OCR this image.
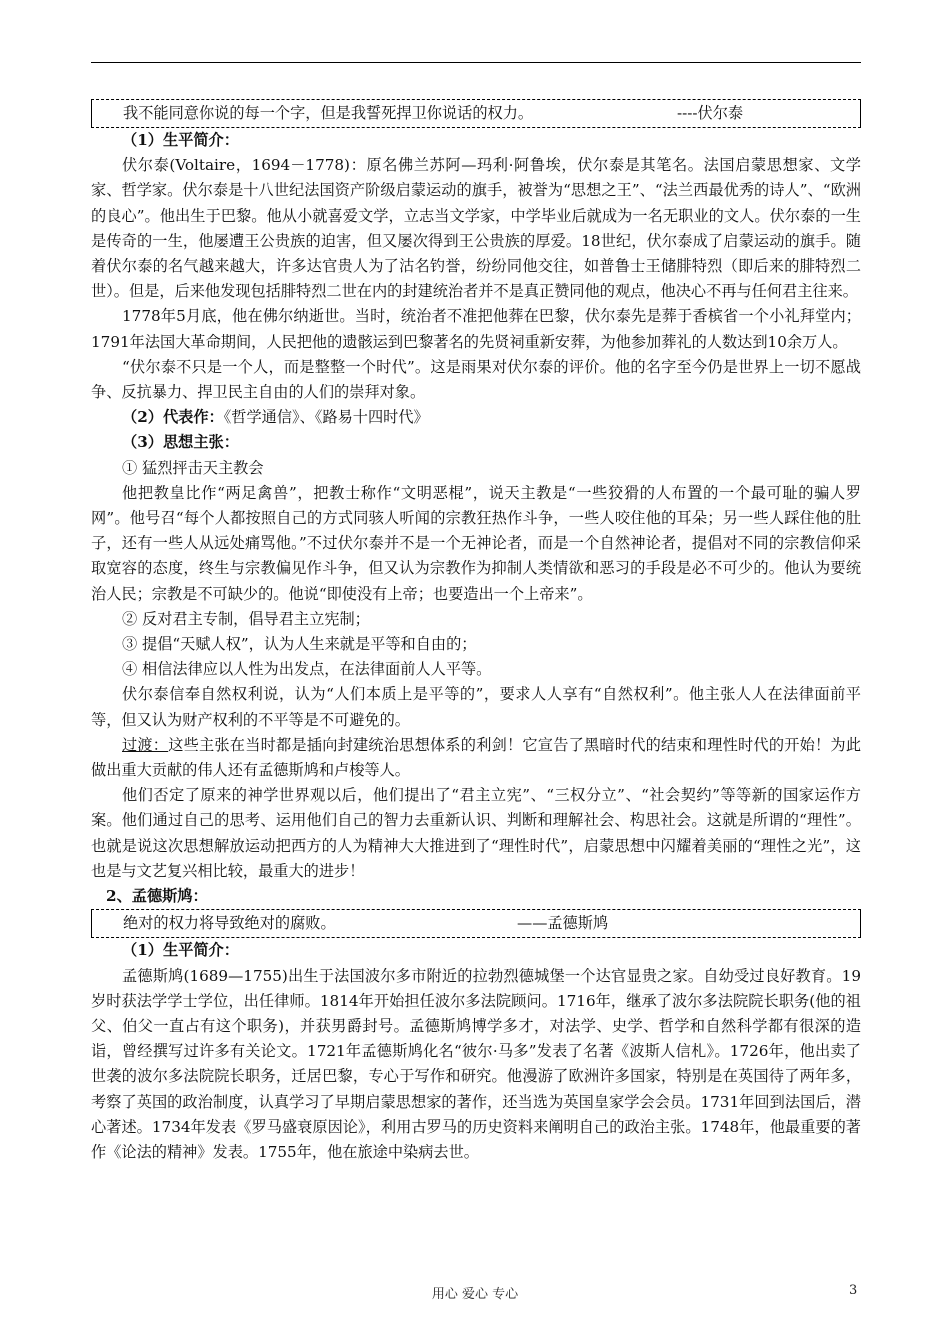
我不能同意你说的每一个字，但是我誓死捍卫你说话的权力。	----伏尔泰
（1）生平简介：

伏尔泰(Voltaire，1694－1778)：原名佛兰苏阿—玛利·阿鲁埃，伏尔泰是其笔名。法国启蒙思想家、文学家、哲学家。伏尔泰是十八世纪法国资产阶级启蒙运动的旗手，被誉为“思想之王”、“法兰西最优秀的诗人”、“欧洲的良心”。他出生于巴黎。他从小就喜爱文学，立志当文学家，中学毕业后就成为一名无职业的文人。伏尔泰的一生是传奇的一生，他屡遭王公贵族的迫害，但又屡次得到王公贵族的厚爱。18世纪，伏尔泰成了启蒙运动的旗手。随着伏尔泰的名气越来越大，许多达官贵人为了沽名钓誉，纷纷同他交往，如普鲁士王储腓特烈（即后来的腓特烈二世）。但是，后来他发现包括腓特烈二世在内的封建统治者并不是真正赞同他的观点，他决心不再与任何君主往来。

1778年5月底，他在佛尔纳逝世。当时，统治者不准把他葬在巴黎，伏尔泰先是葬于香槟省一个小礼拜堂内；1791年法国大革命期间，人民把他的遗骸运到巴黎著名的先贤祠重新安葬，为他参加葬礼的人数达到10余万人。

“伏尔泰不只是一个人，而是整整一个时代”。这是雨果对伏尔泰的评价。他的名字至今仍是世界上一切不愿战争、反抗暴力、捍卫民主自由的人们的崇拜对象。

（2）代表作：《哲学通信》、《路易十四时代》
（3）思想主张：
① 猛烈抨击天主教会

他把教皇比作“两足禽兽”，把教士称作“文明恶棍”，说天主教是“一些狡猾的人布置的一个最可耻的骗人罗网”。他号召“每个人都按照自己的方式同骇人听闻的宗教狂热作斗争，一些人咬住他的耳朵；另一些人踩住他的肚子，还有一些人从远处痛骂他。”不过伏尔泰并不是一个无神论者，而是一个自然神论者，提倡对不同的宗教信仰采取宽容的态度，终生与宗教偏见作斗争，但又认为宗教作为抑制人类情欲和恶习的手段是必不可少的。他认为要统治人民；宗教是不可缺少的。他说“即使没有上帝；也要造出一个上帝来”。

② 反对君主专制，倡导君主立宪制；
③ 提倡“天赋人权”，认为人生来就是平等和自由的；
④ 相信法律应以人性为出发点，在法律面前人人平等。

伏尔泰信奉自然权利说，认为“人们本质上是平等的”，要求人人享有“自然权利”。他主张人人在法律面前平等，但又认为财产权利的不平等是不可避免的。

过渡：这些主张在当时都是插向封建统治思想体系的利剑！它宣告了黑暗时代的结束和理性时代的开始！为此做出重大贡献的伟人还有孟德斯鸠和卢梭等人。

他们否定了原来的神学世界观以后，他们提出了“君主立宪”、“三权分立”、“社会契约”等等新的国家运作方案。他们通过自己的思考、运用他们自己的智力去重新认识、判断和理解社会、构思社会。这就是所谓的“理性”。也就是说这次思想解放运动把西方的人为精神大大推进到了“理性时代”，启蒙思想中闪耀着美丽的“理性之光”，这也是与文艺复兴相比较，最重大的进步！

2、孟德斯鸠：
绝对的权力将导致绝对的腐败。	——孟德斯鸠
（1）生平简介：

孟德斯鸠(1689—1755)出生于法国波尔多市附近的拉勃烈德城堡一个达官显贵之家。自幼受过良好教育。19岁时获法学学士学位，出任律师。1814年开始担任波尔多法院顾问。1716年，继承了波尔多法院院长职务(他的祖父、伯父一直占有这个职务)，并获男爵封号。孟德斯鸠博学多才，对法学、史学、哲学和自然科学都有很深的造诣，曾经撰写过许多有关论文。1721年孟德斯鸠化名“彼尔·马多”发表了名著《波斯人信札》。1726年，他出卖了世袭的波尔多法院院长职务，迁居巴黎，专心于写作和研究。他漫游了欧洲许多国家，特别是在英国待了两年多，考察了英国的政治制度，认真学习了早期启蒙思想家的著作，还当选为英国皇家学会会员。1731年回到法国后，潜心著述。1734年发表《罗马盛衰原因论》，利用古罗马的历史资料来阐明自己的政治主张。1748年，他最重要的著作《论法的精神》发表。1755年，他在旅途中染病去世。

用心 爱心 专心	3
